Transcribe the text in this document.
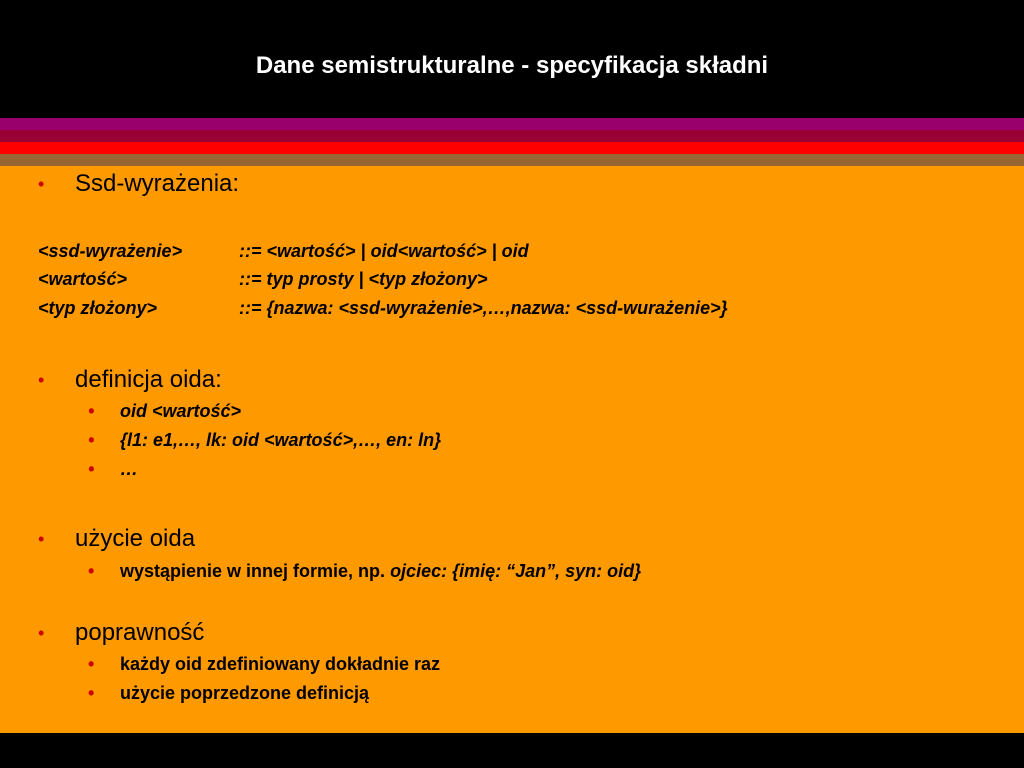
Dane semistrukturalne - specyfikacja składni
• Ssd-wyrażenia:
<ssd-wyrażenie>	::= <wartość> | oid<wartość> | oid
<wartość>	::= typ prosty | <typ złożony>
<typ złożony>	::= {nazwa: <ssd-wyrażenie>,…,nazwa: <ssd-wurażenie>}
• definicja oida:
• oid <wartość>
• {l1: e1,…, lk: oid <wartość>,…, en: ln}
• …
• użycie oida
• wystąpienie w innej formie, np. ojciec: {imię: “Jan”, syn: oid}
• poprawność
• każdy oid zdefiniowany dokładnie raz
• użycie poprzedzone definicją
